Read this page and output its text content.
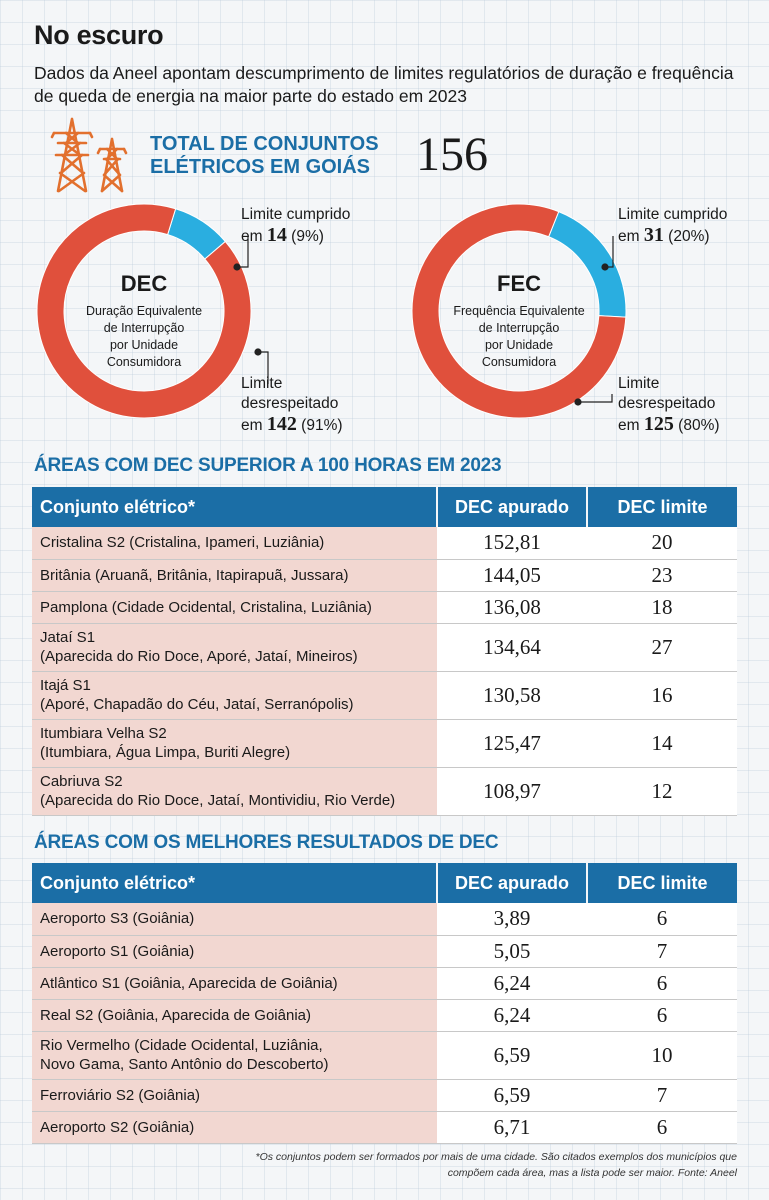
No escuro
Dados da Aneel apontam descumprimento de limites regulatórios de duração e frequência de queda de energia na maior parte do estado em 2023
TOTAL DE CONJUNTOS
ELÉTRICOS EM GOIÁS 156
DEC
Duração Equivalente
de Interrupção
por Unidade
Consumidora
FEC
Frequência Equivalente
de Interrupção
por Unidade
Consumidora
Limite cumprido
em 14 (9%)
Limite
desrespeitado
em 142 (91%)
Limite cumprido
em 31 (20%)
Limite
desrespeitado
em 125 (80%)
ÁREAS COM DEC SUPERIOR A 100 HORAS EM 2023
Conjunto elétrico*	DEC apurado	DEC limite

Cristalina S2 (Cristalina, Ipameri, Luziânia)	152,81	20

Britânia (Aruanã, Britânia, Itapirapuã, Jussara)	144,05	23

Pamplona (Cidade Ocidental, Cristalina, Luziânia)	136,08	18

Jataí S1
(Aparecida do Rio Doce, Aporé, Jataí, Mineiros)	134,64	27

Itajá S1
(Aporé, Chapadão do Céu, Jataí, Serranópolis)	130,58	16

Itumbiara Velha S2
(Itumbiara, Água Limpa, Buriti Alegre)	125,47	14

Cabriuva S2
(Aparecida do Rio Doce, Jataí, Montividiu, Rio Verde)	108,97	12
ÁREAS COM OS MELHORES RESULTADOS DE DEC
Conjunto elétrico*	DEC apurado	DEC limite

Aeroporto S3 (Goiânia)	3,89	6

Aeroporto S1 (Goiânia)	5,05	7

Atlântico S1 (Goiânia, Aparecida de Goiânia)	6,24	6

Real S2 (Goiânia, Aparecida de Goiânia)	6,24	6

Rio Vermelho (Cidade Ocidental, Luziânia,
Novo Gama, Santo Antônio do Descoberto)	6,59	10

Ferroviário S2 (Goiânia)	6,59	7

Aeroporto S2 (Goiânia)	6,71	6
*Os conjuntos podem ser formados por mais de uma cidade. São citados exemplos dos municípios que
compõem cada área, mas a lista pode ser maior. Fonte: Aneel
